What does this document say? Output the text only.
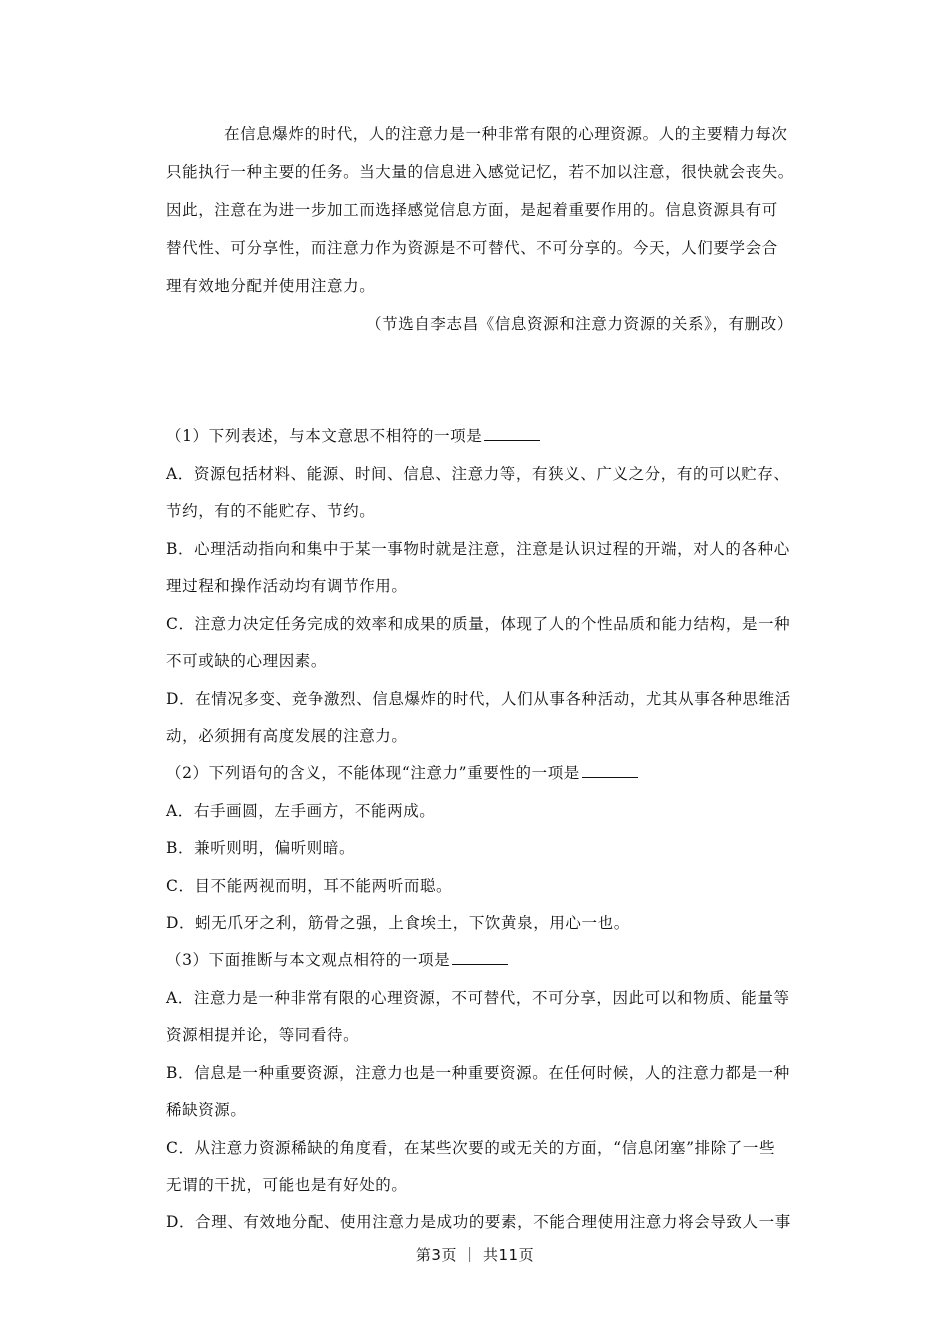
在信息爆炸的时代，人的注意力是一种非常有限的心理资源。人的主要精力每次
只能执行一种主要的任务。当大量的信息进入感觉记忆，若不加以注意，很快就会丧失。
因此，注意在为进一步加工而选择感觉信息方面，是起着重要作用的。信息资源具有可
替代性、可分享性，而注意力作为资源是不可替代、不可分享的。今天，人们要学会合
理有效地分配并使用注意力。
（节选自李志昌《信息资源和注意力资源的关系》，有删改）
（1）下列表述，与本文意思不相符的一项是
A．资源包括材料、能源、时间、信息、注意力等，有狭义、广义之分，有的可以贮存、
节约，有的不能贮存、节约。
B．心理活动指向和集中于某一事物时就是注意，注意是认识过程的开端，对人的各种心
理过程和操作活动均有调节作用。
C．注意力决定任务完成的效率和成果的质量，体现了人的个性品质和能力结构，是一种
不可或缺的心理因素。
D．在情况多变、竞争激烈、信息爆炸的时代，人们从事各种活动，尤其从事各种思维活
动，必须拥有高度发展的注意力。
（2）下列语句的含义，不能体现“注意力”重要性的一项是
A．右手画圆，左手画方，不能两成。
B．兼听则明，偏听则暗。
C．目不能两视而明，耳不能两听而聪。
D．蚓无爪牙之利，筋骨之强，上食埃土，下饮黄泉，用心一也。
（3）下面推断与本文观点相符的一项是
A．注意力是一种非常有限的心理资源，不可替代，不可分享，因此可以和物质、能量等
资源相提并论，等同看待。
B．信息是一种重要资源，注意力也是一种重要资源。在任何时候，人的注意力都是一种
稀缺资源。
C．从注意力资源稀缺的角度看，在某些次要的或无关的方面，“信息闭塞”排除了一些
无谓的干扰，可能也是有好处的。
D．合理、有效地分配、使用注意力是成功的要素，不能合理使用注意力将会导致人一事
第3页 ｜ 共11页
